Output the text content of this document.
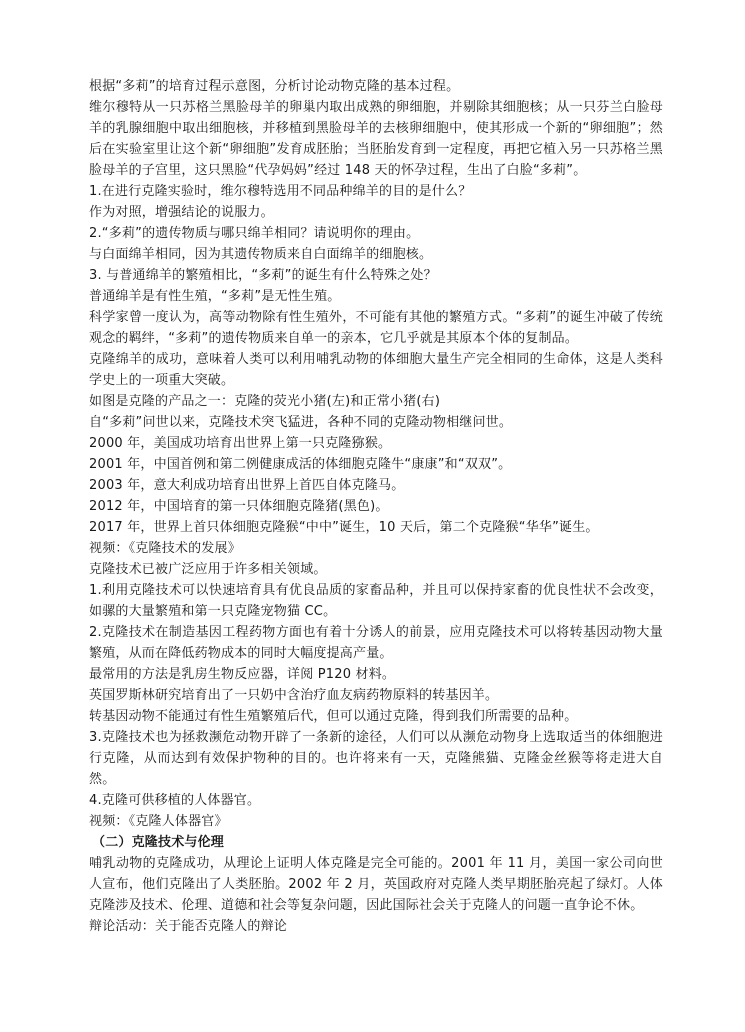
根据“多莉”的培育过程示意图，分析讨论动物克隆的基本过程。

维尔穆特从一只苏格兰黑脸母羊的卵巢内取出成熟的卵细胞，并剔除其细胞核；从一只芬兰白脸母羊的乳腺细胞中取出细胞核，并移植到黑脸母羊的去核卵细胞中，使其形成一个新的“卵细胞”；然后在实验室里让这个新“卵细胞”发育成胚胎；当胚胎发育到一定程度，再把它植入另一只苏格兰黑脸母羊的子宫里，这只黑脸“代孕妈妈”经过 148 天的怀孕过程，生出了白脸“多莉”。

1.在进行克隆实验时，维尔穆特选用不同品种绵羊的目的是什么？

作为对照，增强结论的说服力。

2.“多莉”的遗传物质与哪只绵羊相同？请说明你的理由。

与白面绵羊相同，因为其遗传物质来自白面绵羊的细胞核。

3. 与普通绵羊的繁殖相比，“多莉”的诞生有什么特殊之处？

普通绵羊是有性生殖，“多莉”是无性生殖。

科学家曾一度认为，高等动物除有性生殖外，不可能有其他的繁殖方式。“多莉”的诞生冲破了传统观念的羁绊，“多莉”的遗传物质来自单一的亲本，它几乎就是其原本个体的复制品。

克隆绵羊的成功，意味着人类可以利用哺乳动物的体细胞大量生产完全相同的生命体，这是人类科学史上的一项重大突破。

如图是克隆的产品之一：克隆的荧光小猪(左)和正常小猪(右)

自“多莉”问世以来，克隆技术突飞猛进，各种不同的克隆动物相继问世。

2000 年，美国成功培育出世界上第一只克隆猕猴。

2001 年，中国首例和第二例健康成活的体细胞克隆牛“康康”和“双双”。

2003 年，意大利成功培育出世界上首匹自体克隆马。

2012 年，中国培育的第一只体细胞克隆猪(黑色)。

2017 年，世界上首只体细胞克隆猴“中中”诞生，10 天后，第二个克隆猴“华华”诞生。

视频：《克隆技术的发展》

克隆技术已被广泛应用于许多相关领域。

1.利用克隆技术可以快速培育具有优良品质的家畜品种，并且可以保持家畜的优良性状不会改变，如骡的大量繁殖和第一只克隆宠物猫 CC。

2.克隆技术在制造基因工程药物方面也有着十分诱人的前景，应用克隆技术可以将转基因动物大量繁殖，从而在降低药物成本的同时大幅度提高产量。

最常用的方法是乳房生物反应器，详阅 P120 材料。

英国罗斯林研究培育出了一只奶中含治疗血友病药物原料的转基因羊。

转基因动物不能通过有性生殖繁殖后代，但可以通过克隆，得到我们所需要的品种。

3.克隆技术也为拯救濒危动物开辟了一条新的途径，人们可以从濒危动物身上选取适当的体细胞进行克隆，从而达到有效保护物种的目的。也许将来有一天，克隆熊猫、克隆金丝猴等将走进大自然。

4.克隆可供移植的人体器官。

视频：《克隆人体器官》

（二）克隆技术与伦理

哺乳动物的克隆成功，从理论上证明人体克隆是完全可能的。2001 年 11 月，美国一家公司向世人宣布，他们克隆出了人类胚胎。2002 年 2 月，英国政府对克隆人类早期胚胎亮起了绿灯。人体克隆涉及技术、伦理、道德和社会等复杂问题，因此国际社会关于克隆人的问题一直争论不休。

辩论活动：关于能否克隆人的辩论
